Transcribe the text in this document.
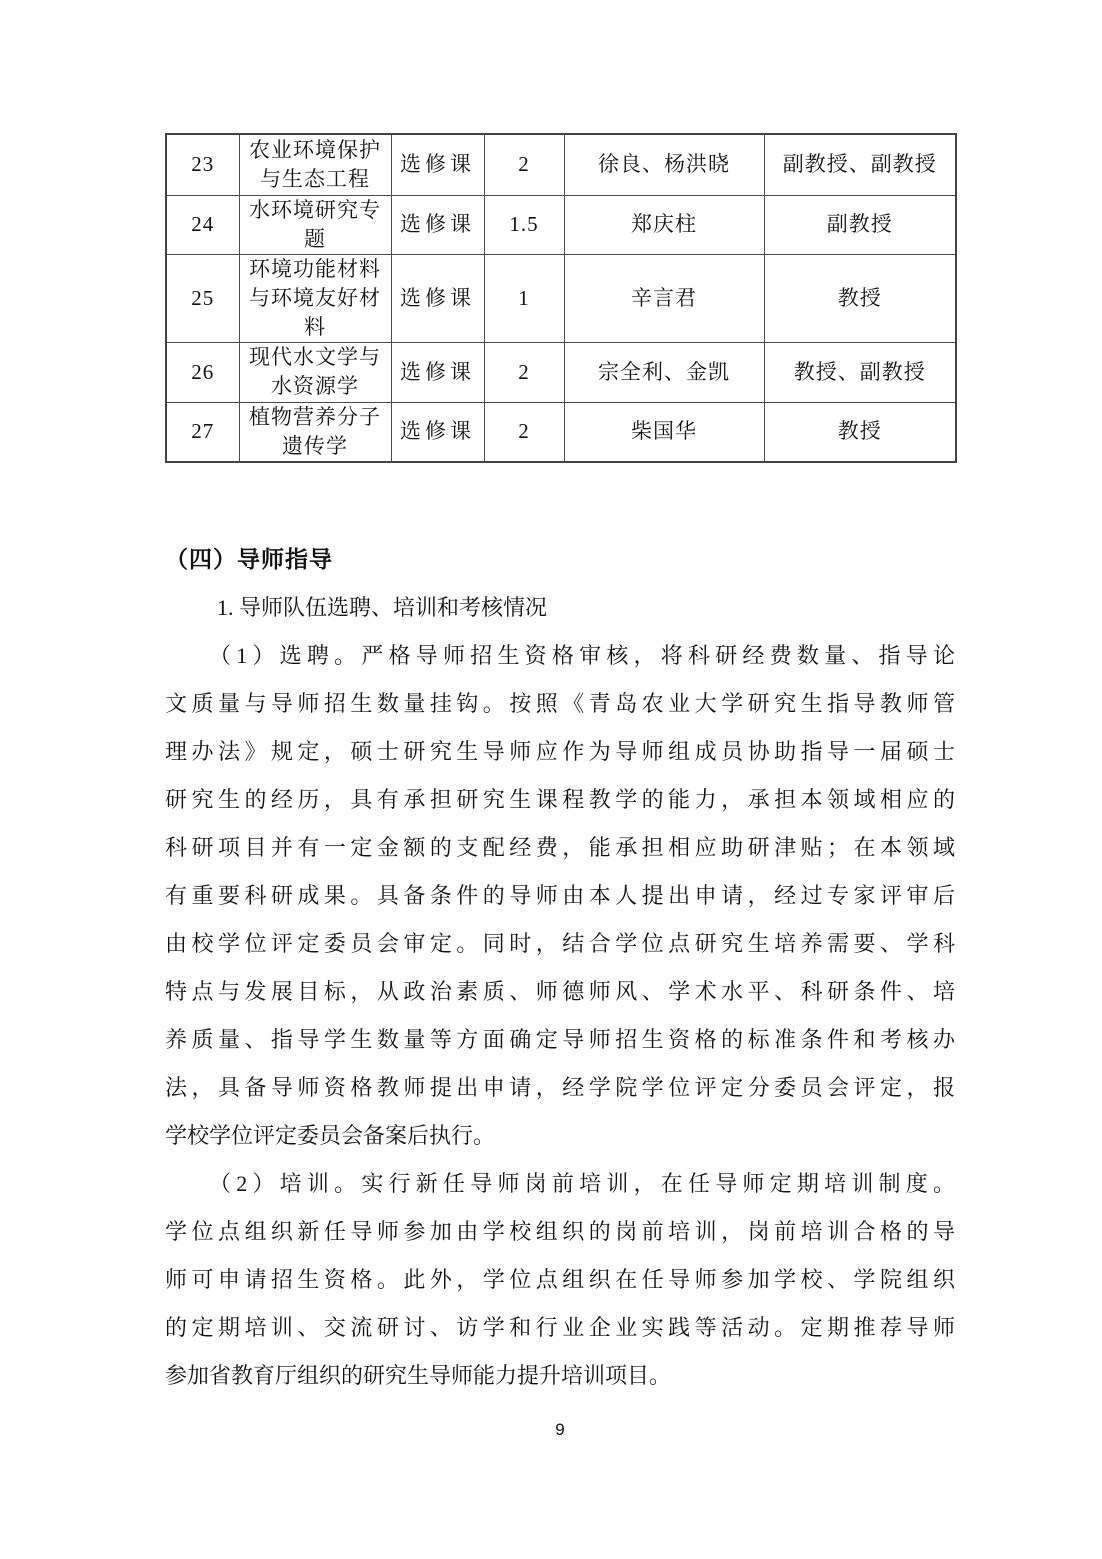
23	农业环境保护与生态工程	选修课	2	徐良、杨洪晓	副教授、副教授
24	水环境研究专题	选修课	1.5	郑庆柱	副教授
25	环境功能材料与环境友好材料	选修课	1	辛言君	教授
26	现代水文学与水资源学	选修课	2	宗全利、金凯	教授、副教授
27	植物营养分子遗传学	选修课	2	柴国华	教授
（四）导师指导
1. 导师队伍选聘、培训和考核情况
（1）选聘。严格导师招生资格审核，将科研经费数量、指导论
文质量与导师招生数量挂钩。按照《青岛农业大学研究生指导教师管
理办法》规定，硕士研究生导师应作为导师组成员协助指导一届硕士
研究生的经历，具有承担研究生课程教学的能力，承担本领域相应的
科研项目并有一定金额的支配经费，能承担相应助研津贴；在本领域
有重要科研成果。具备条件的导师由本人提出申请，经过专家评审后
由校学位评定委员会审定。同时，结合学位点研究生培养需要、学科
特点与发展目标，从政治素质、师德师风、学术水平、科研条件、培
养质量、指导学生数量等方面确定导师招生资格的标准条件和考核办
法，具备导师资格教师提出申请，经学院学位评定分委员会评定，报
学校学位评定委员会备案后执行。
（2）培训。实行新任导师岗前培训，在任导师定期培训制度。
学位点组织新任导师参加由学校组织的岗前培训，岗前培训合格的导
师可申请招生资格。此外，学位点组织在任导师参加学校、学院组织
的定期培训、交流研讨、访学和行业企业实践等活动。定期推荐导师
参加省教育厅组织的研究生导师能力提升培训项目。
9
